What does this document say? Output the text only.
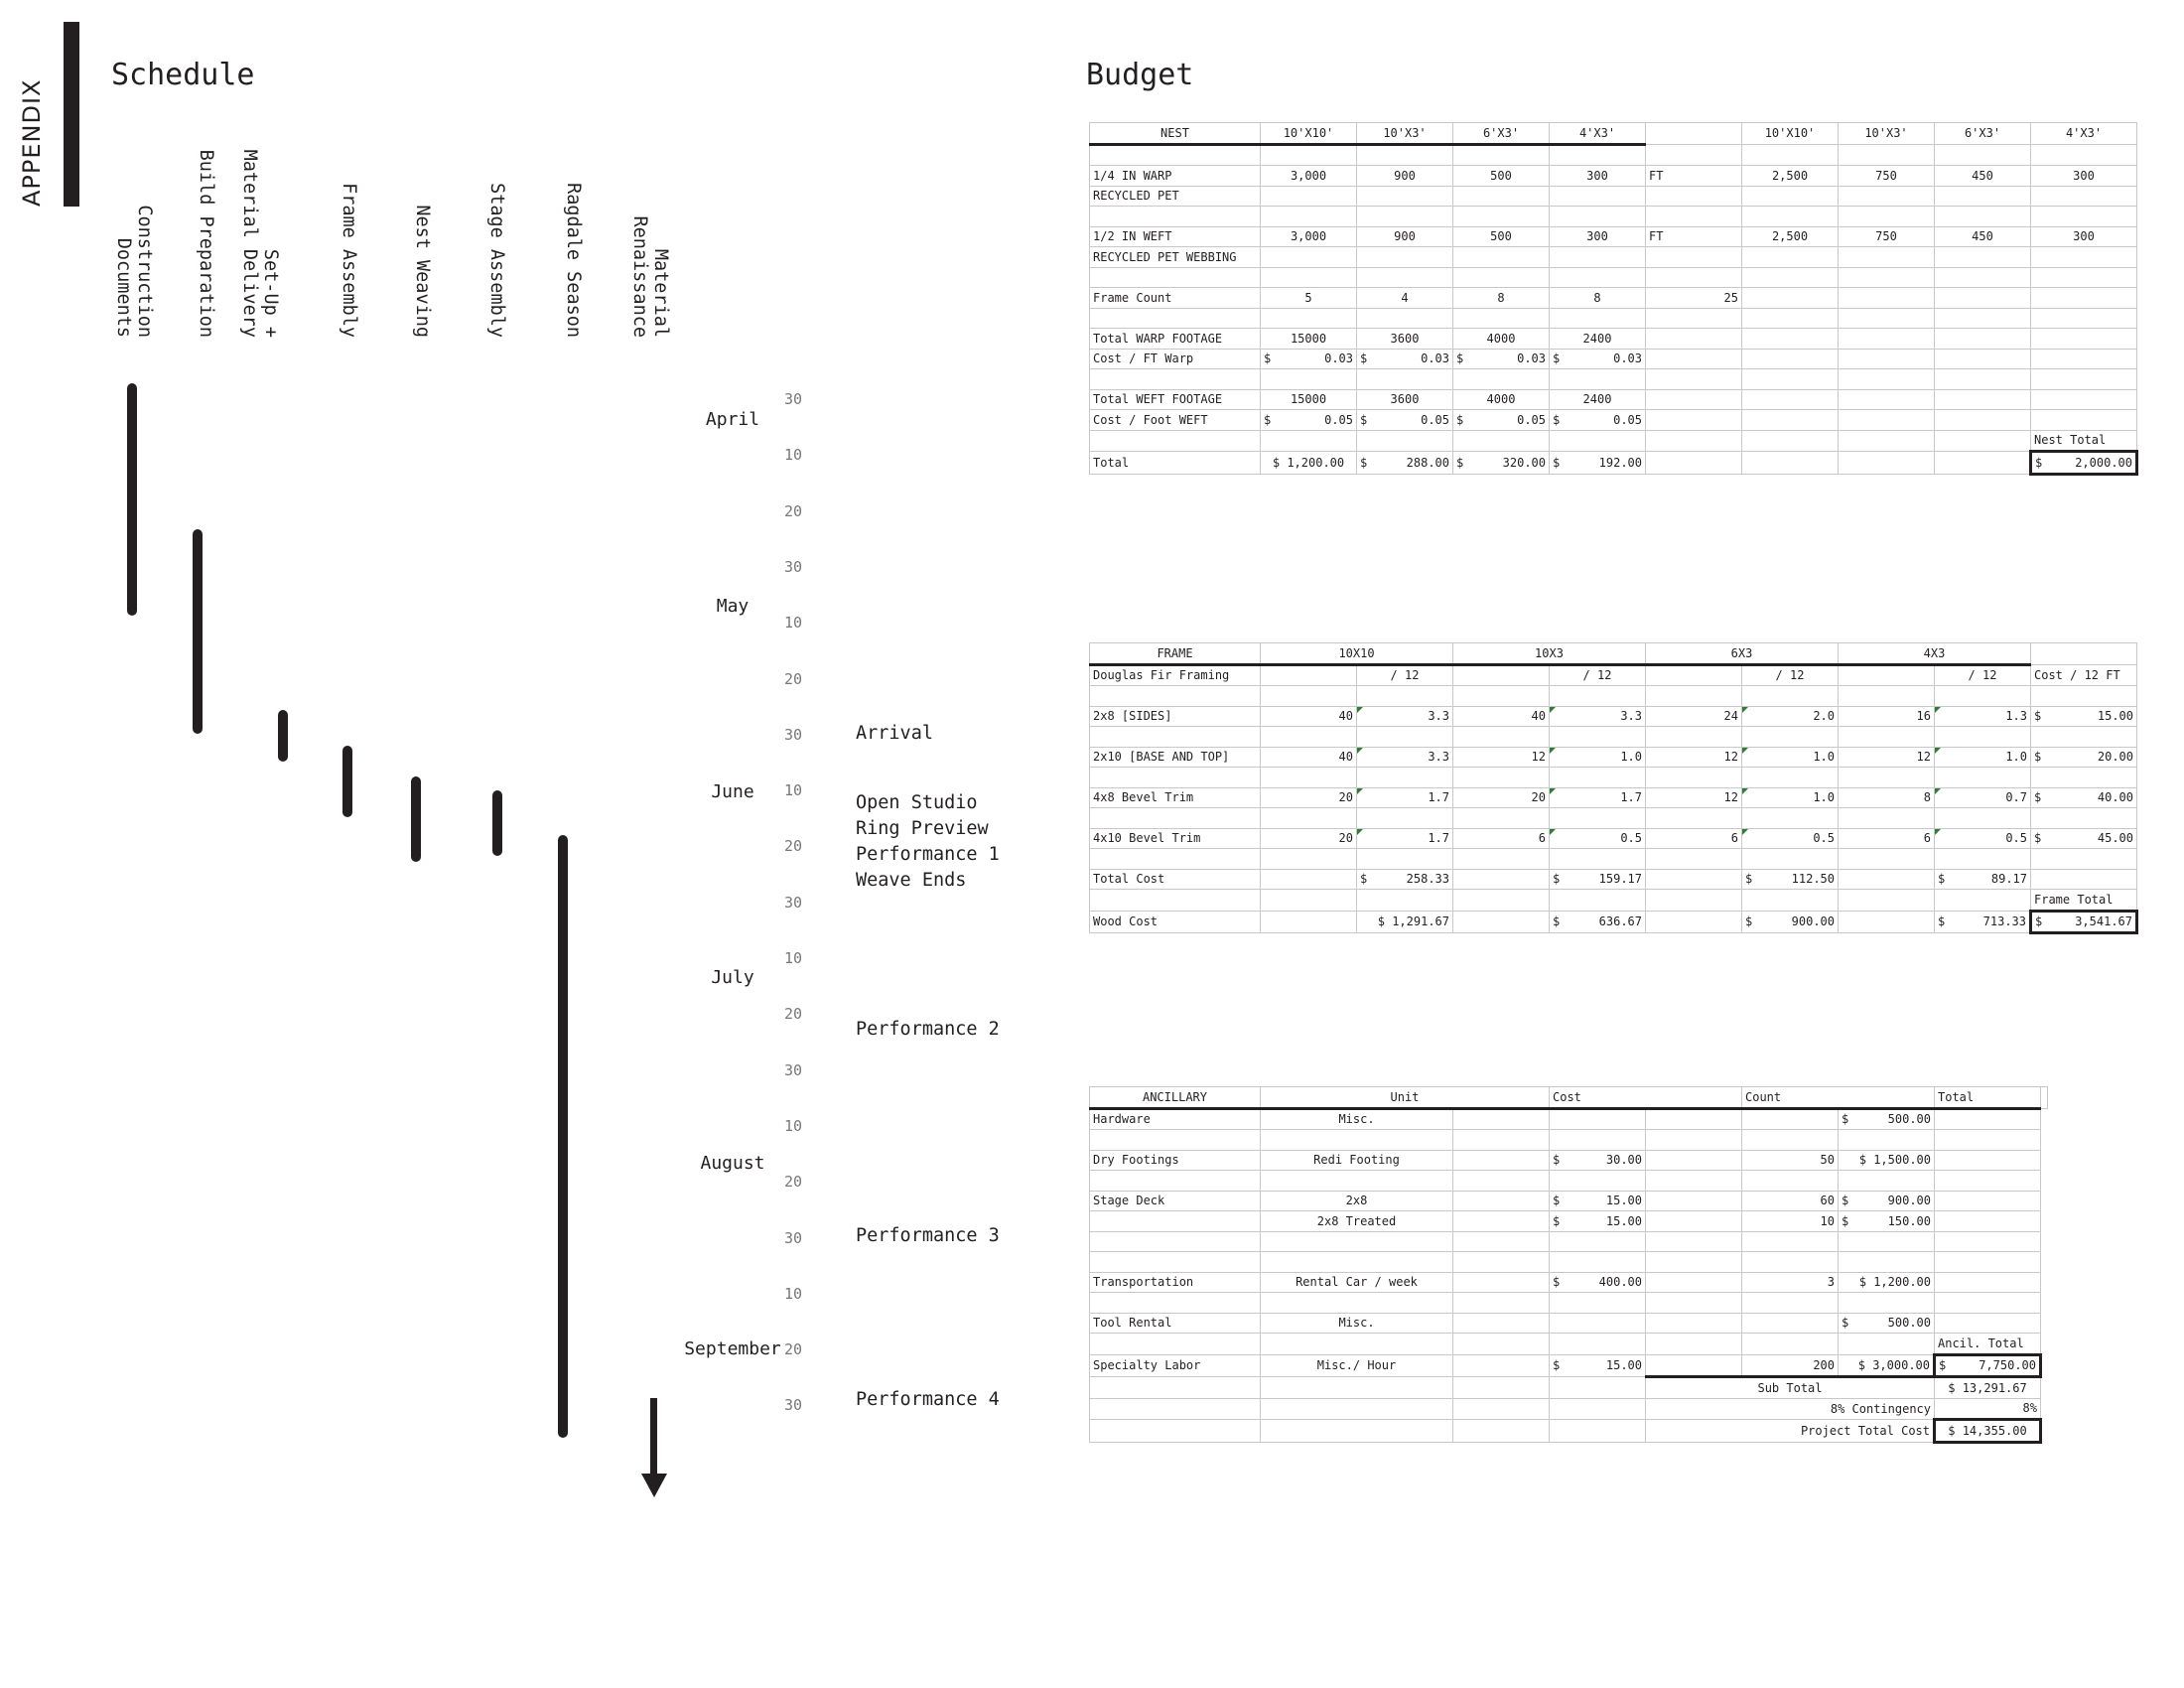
APPENDIX
Schedule
Construction
Documents	Build Preparation	Set-Up +
Material Delivery	Frame Assembly	Nest Weaving	Stage Assembly	Ragdale Season	Material
Renaissance
April
May
June
July
August
September
30
10
20
30
10
20
30
10
20
30
10
20
30
10
20
30
10
20
30
Arrival
Open Studio
Ring Preview
Performance 1
Weave Ends
Performance 2
Performance 3
Performance 4
Budget
NEST	10'X10'	10'X3'	6'X3'	4'X3'		10'X10'	10'X3'	6'X3'	4'X3'

1/4 IN WARP	3,000	900	500	300	FT	2,500	750	450	300
RECYCLED PET									

1/2 IN WEFT	3,000	900	500	300	FT	2,500	750	450	300
RECYCLED PET WEBBING									

Frame Count	5	4	8	8	25				

Total WARP FOOTAGE	15000	3600	4000	2400					
Cost / FT Warp	$ 0.03	$ 0.03	$ 0.03	$ 0.03					

Total WEFT FOOTAGE	15000	3600	4000	2400					
Cost / Foot WEFT	$ 0.05	$ 0.05	$ 0.05	$ 0.05					

									Nest Total
Total	$ 1,200.00	$ 288.00	$ 320.00	$ 192.00					$ 2,000.00
FRAME	10X10		10X3		6X3		4X3		
Douglas Fir Framing		/ 12		/ 12		/ 12		/ 12	Cost / 12 FT

2x8 [SIDES]	40	3.3	40	3.3	24	2.0	16	1.3	$ 15.00

2x10 [BASE AND TOP]	40	3.3	12	1.0	12	1.0	12	1.0	$ 20.00

4x8 Bevel Trim	20	1.7	20	1.7	12	1.0	8	0.7	$ 40.00

4x10 Bevel Trim	20	1.7	6	0.5	6	0.5	6	0.5	$ 45.00

Total Cost		$ 258.33		$ 159.17		$ 112.50		$ 89.17	

									Frame Total
Wood Cost		$ 1,291.67		$ 636.67		$ 900.00		$ 713.33	$ 3,541.67
ANCILLARY	Unit		Cost		Count		Total	
Hardware	Misc.					$ 500.00		

Dry Footings	Redi Footing		$ 30.00		50	$ 1,500.00		

Stage Deck	2x8		$ 15.00		60	$ 900.00		

	2x8 Treated		$ 15.00		10	$ 150.00		

Transportation	Rental Car / week		$ 400.00		3	$ 1,200.00		

Tool Rental	Misc.					$ 500.00		

							Ancil. Total	
Specialty Labor	Misc./ Hour		$ 15.00		200	$ 3,000.00	$ 7,750.00	

				Sub Total			$ 13,291.67	
				8% Contingency			8%	
				Project Total Cost			$ 14,355.00	
